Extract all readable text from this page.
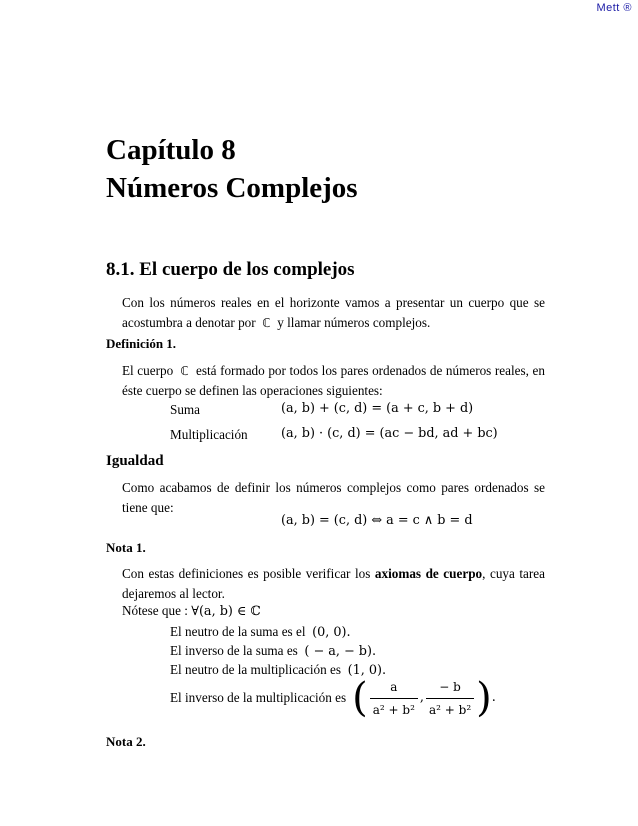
Mett ®
Capítulo 8
Números Complejos
8.1. El cuerpo de los complejos
Con los números reales en el horizonte vamos a presentar un cuerpo que se acostumbra a denotar por ℂ y llamar números complejos.
Definición 1.
El cuerpo ℂ está formado por todos los pares ordenados de números reales, en éste cuerpo se definen las operaciones siguientes:
Suma	(a, b) + (c, d) = (a + c, b + d)
Multiplicación	(a, b) · (c, d) = (ac − bd, ad + bc)
Igualdad
Como acabamos de definir los números complejos como pares ordenados se tiene que:
(a, b) = (c, d) ⇔ a = c ∧ b = d
Nota 1.
Con estas definiciones es posible verificar los axiomas de cuerpo, cuya tarea dejaremos al lector.
Nótese que : ∀(a, b) ∈ ℂ
El neutro de la suma es el (0, 0).
El inverso de la suma es ( − a, − b).
El neutro de la multiplicación es (1, 0).
El inverso de la multiplicación es ( $\frac{a}{\text{a² + b²}}$ , $\frac{- b}{\text{a² + b²}}$ ) .
Nota 2.
